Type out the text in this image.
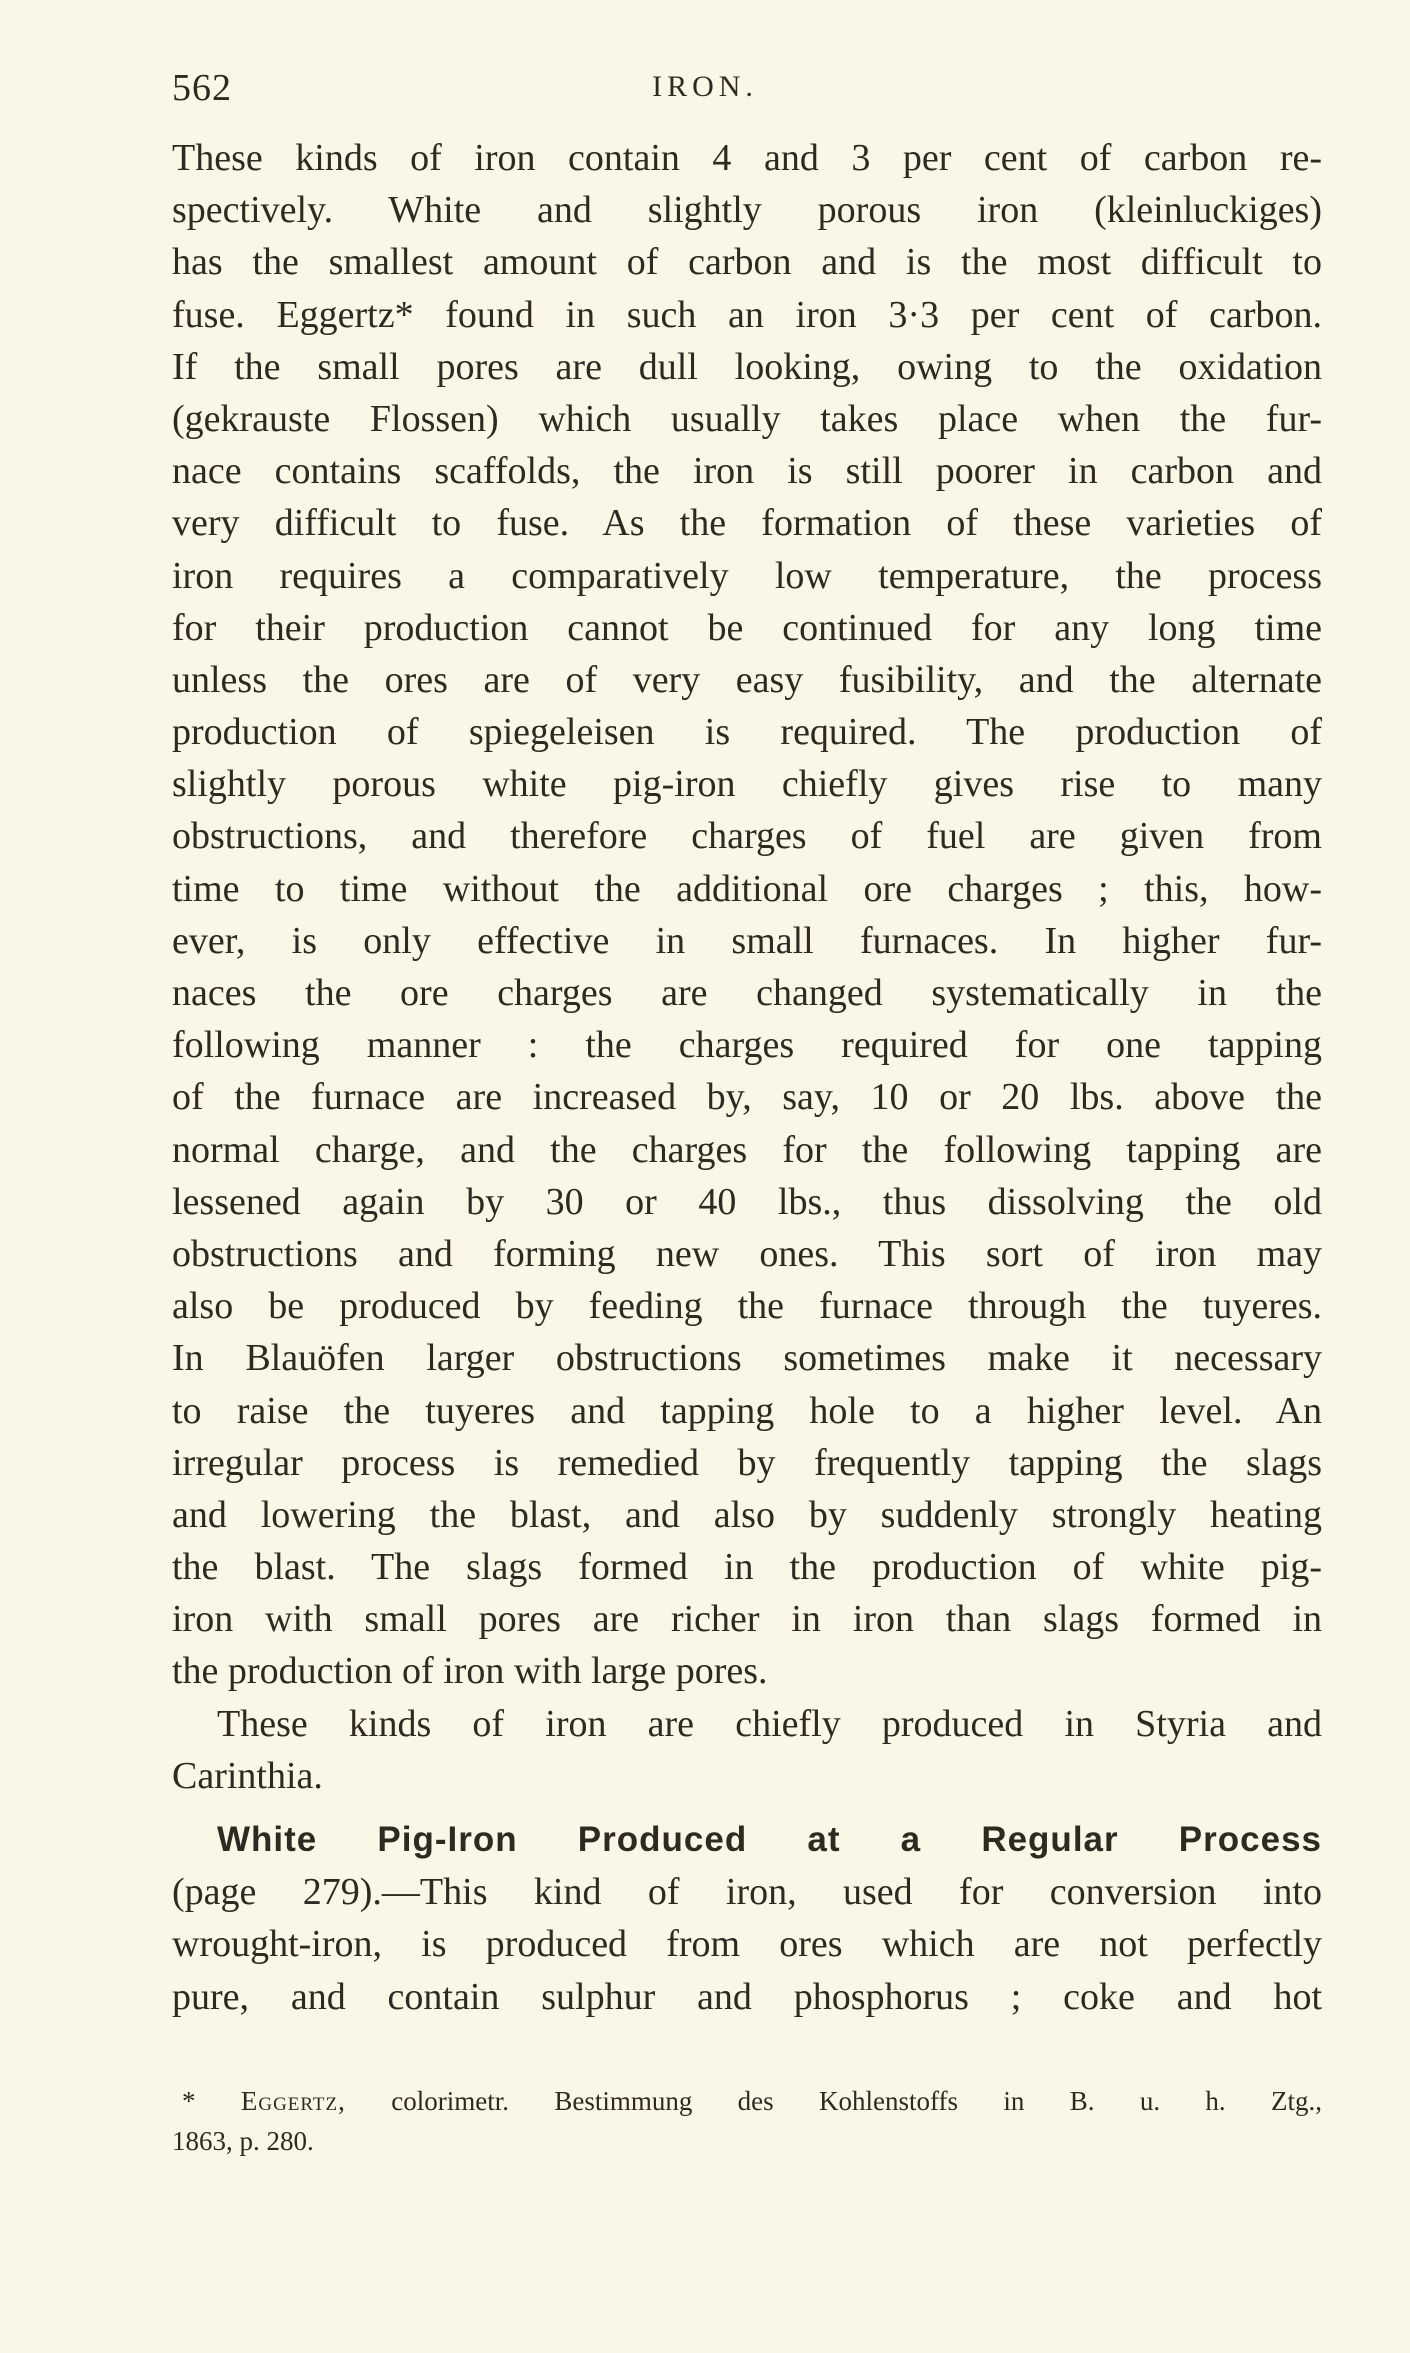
562	IRON.
These kinds of iron contain 4 and 3 per cent of carbon re-
spectively. White and slightly porous iron (kleinluckiges)
has the smallest amount of carbon and is the most difficult to
fuse. Eggertz* found in such an iron 3·3 per cent of carbon.
If the small pores are dull looking, owing to the oxidation
(gekrauste Flossen) which usually takes place when the fur-
nace contains scaffolds, the iron is still poorer in carbon and
very difficult to fuse. As the formation of these varieties of
iron requires a comparatively low temperature, the process
for their production cannot be continued for any long time
unless the ores are of very easy fusibility, and the alternate
production of spiegeleisen is required. The production of
slightly porous white pig-iron chiefly gives rise to many
obstructions, and therefore charges of fuel are given from
time to time without the additional ore charges ; this, how-
ever, is only effective in small furnaces. In higher fur-
naces the ore charges are changed systematically in the
following manner : the charges required for one tapping
of the furnace are increased by, say, 10 or 20 lbs. above the
normal charge, and the charges for the following tapping are
lessened again by 30 or 40 lbs., thus dissolving the old
obstructions and forming new ones. This sort of iron may
also be produced by feeding the furnace through the tuyeres.
In Blauöfen larger obstructions sometimes make it necessary
to raise the tuyeres and tapping hole to a higher level. An
irregular process is remedied by frequently tapping the slags
and lowering the blast, and also by suddenly strongly heating
the blast. The slags formed in the production of white pig-
iron with small pores are richer in iron than slags formed in
the production of iron with large pores.
These kinds of iron are chiefly produced in Styria and
Carinthia.
White Pig-Iron Produced at a Regular Process
(page 279).—This kind of iron, used for conversion into
wrought-iron, is produced from ores which are not perfectly
pure, and contain sulphur and phosphorus ; coke and hot
* Eggertz, colorimetr. Bestimmung des Kohlenstoffs in B. u. h. Ztg.,
1863, p. 280.
